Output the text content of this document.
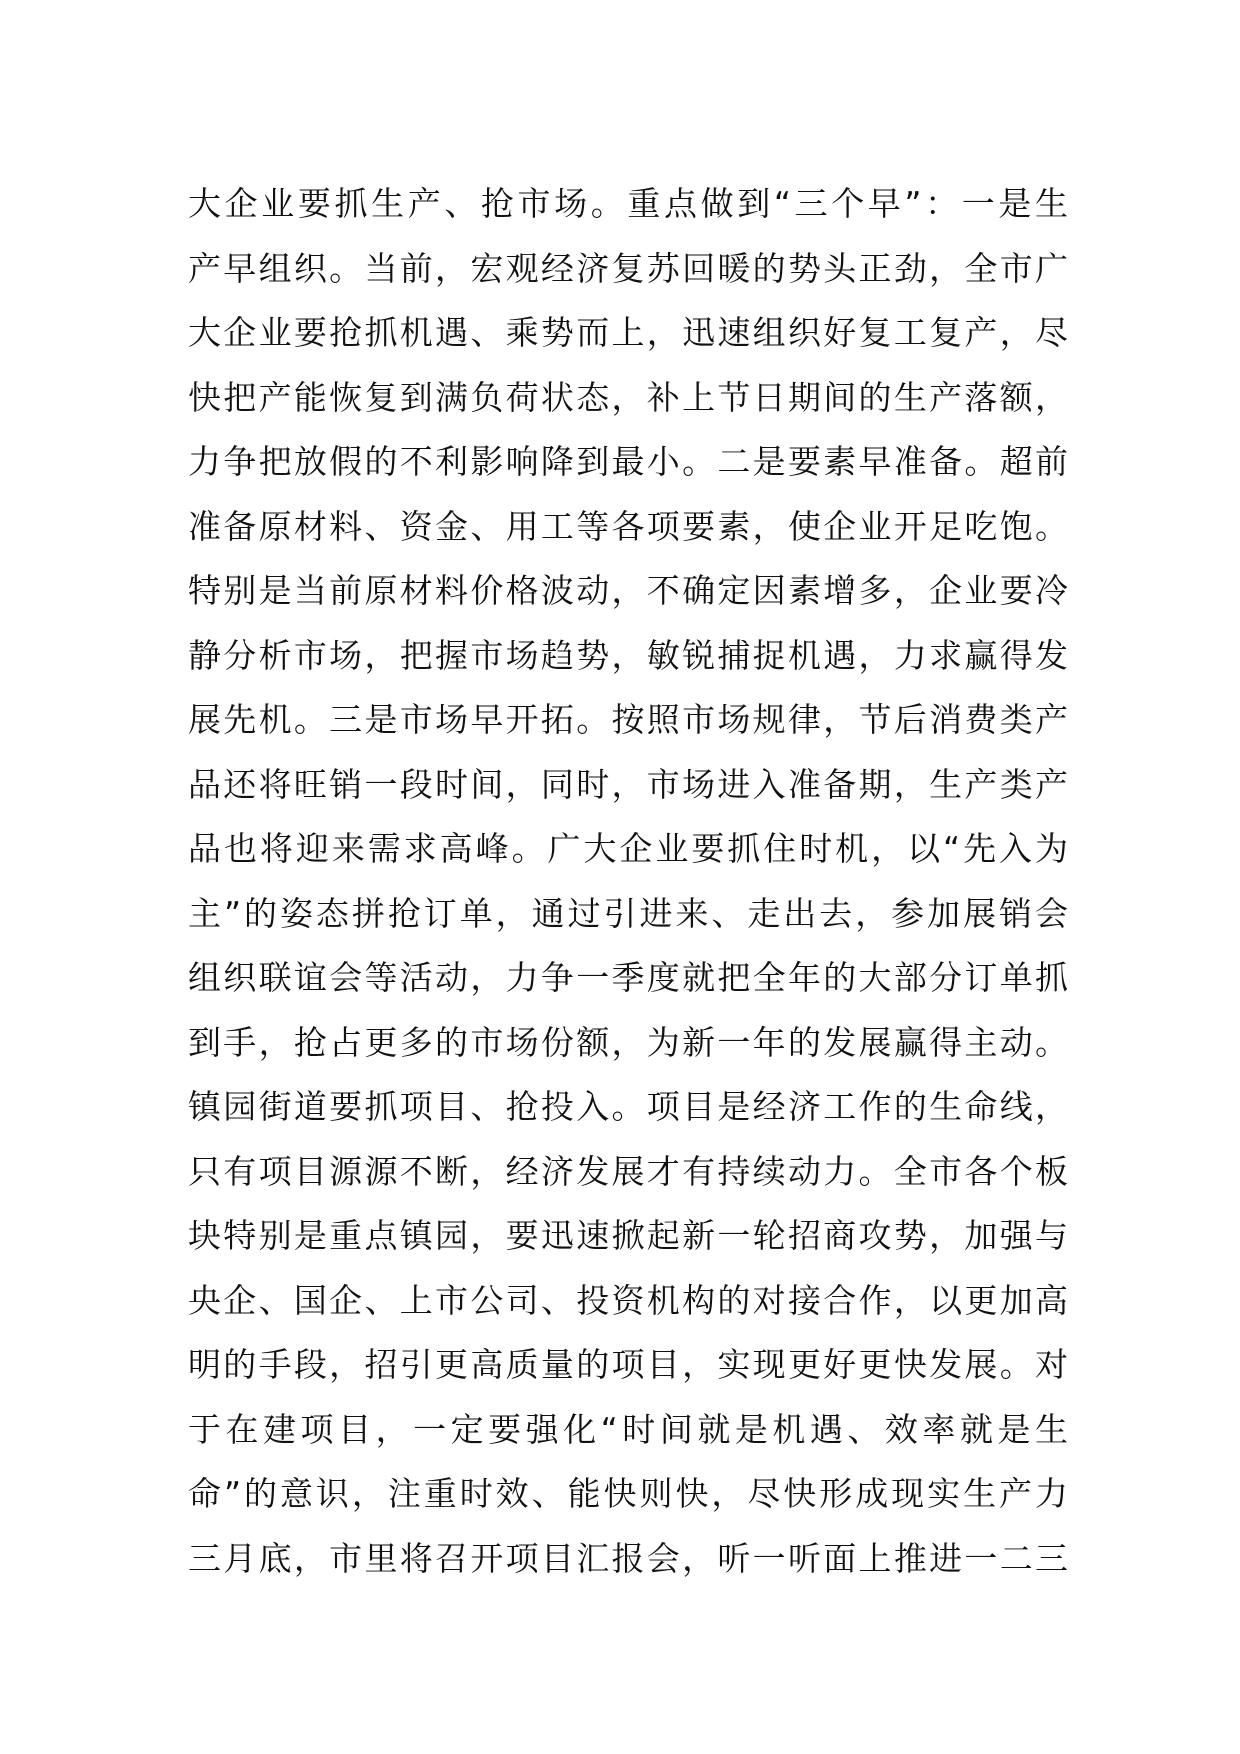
大企业要抓生产、抢市场。重点做到“三个早”：一是生
产早组织。当前，宏观经济复苏回暖的势头正劲，全市广
大企业要抢抓机遇、乘势而上，迅速组织好复工复产，尽
快把产能恢复到满负荷状态，补上节日期间的生产落额，
力争把放假的不利影响降到最小。二是要素早准备。超前
准备原材料、资金、用工等各项要素，使企业开足吃饱。
特别是当前原材料价格波动，不确定因素增多，企业要冷
静分析市场，把握市场趋势，敏锐捕捉机遇，力求赢得发
展先机。三是市场早开拓。按照市场规律，节后消费类产
品还将旺销一段时间，同时，市场进入准备期，生产类产
品也将迎来需求高峰。广大企业要抓住时机，以“先入为
主”的姿态拼抢订单，通过引进来、走出去，参加展销会
组织联谊会等活动，力争一季度就把全年的大部分订单抓
到手，抢占更多的市场份额，为新一年的发展赢得主动。
镇园街道要抓项目、抢投入。项目是经济工作的生命线，
只有项目源源不断，经济发展才有持续动力。全市各个板
块特别是重点镇园，要迅速掀起新一轮招商攻势，加强与
央企、国企、上市公司、投资机构的对接合作，以更加高
明的手段，招引更高质量的项目，实现更好更快发展。对
于在建项目，一定要强化“时间就是机遇、效率就是生
命”的意识，注重时效、能快则快，尽快形成现实生产力
三月底，市里将召开项目汇报会，听一听面上推进一二三
